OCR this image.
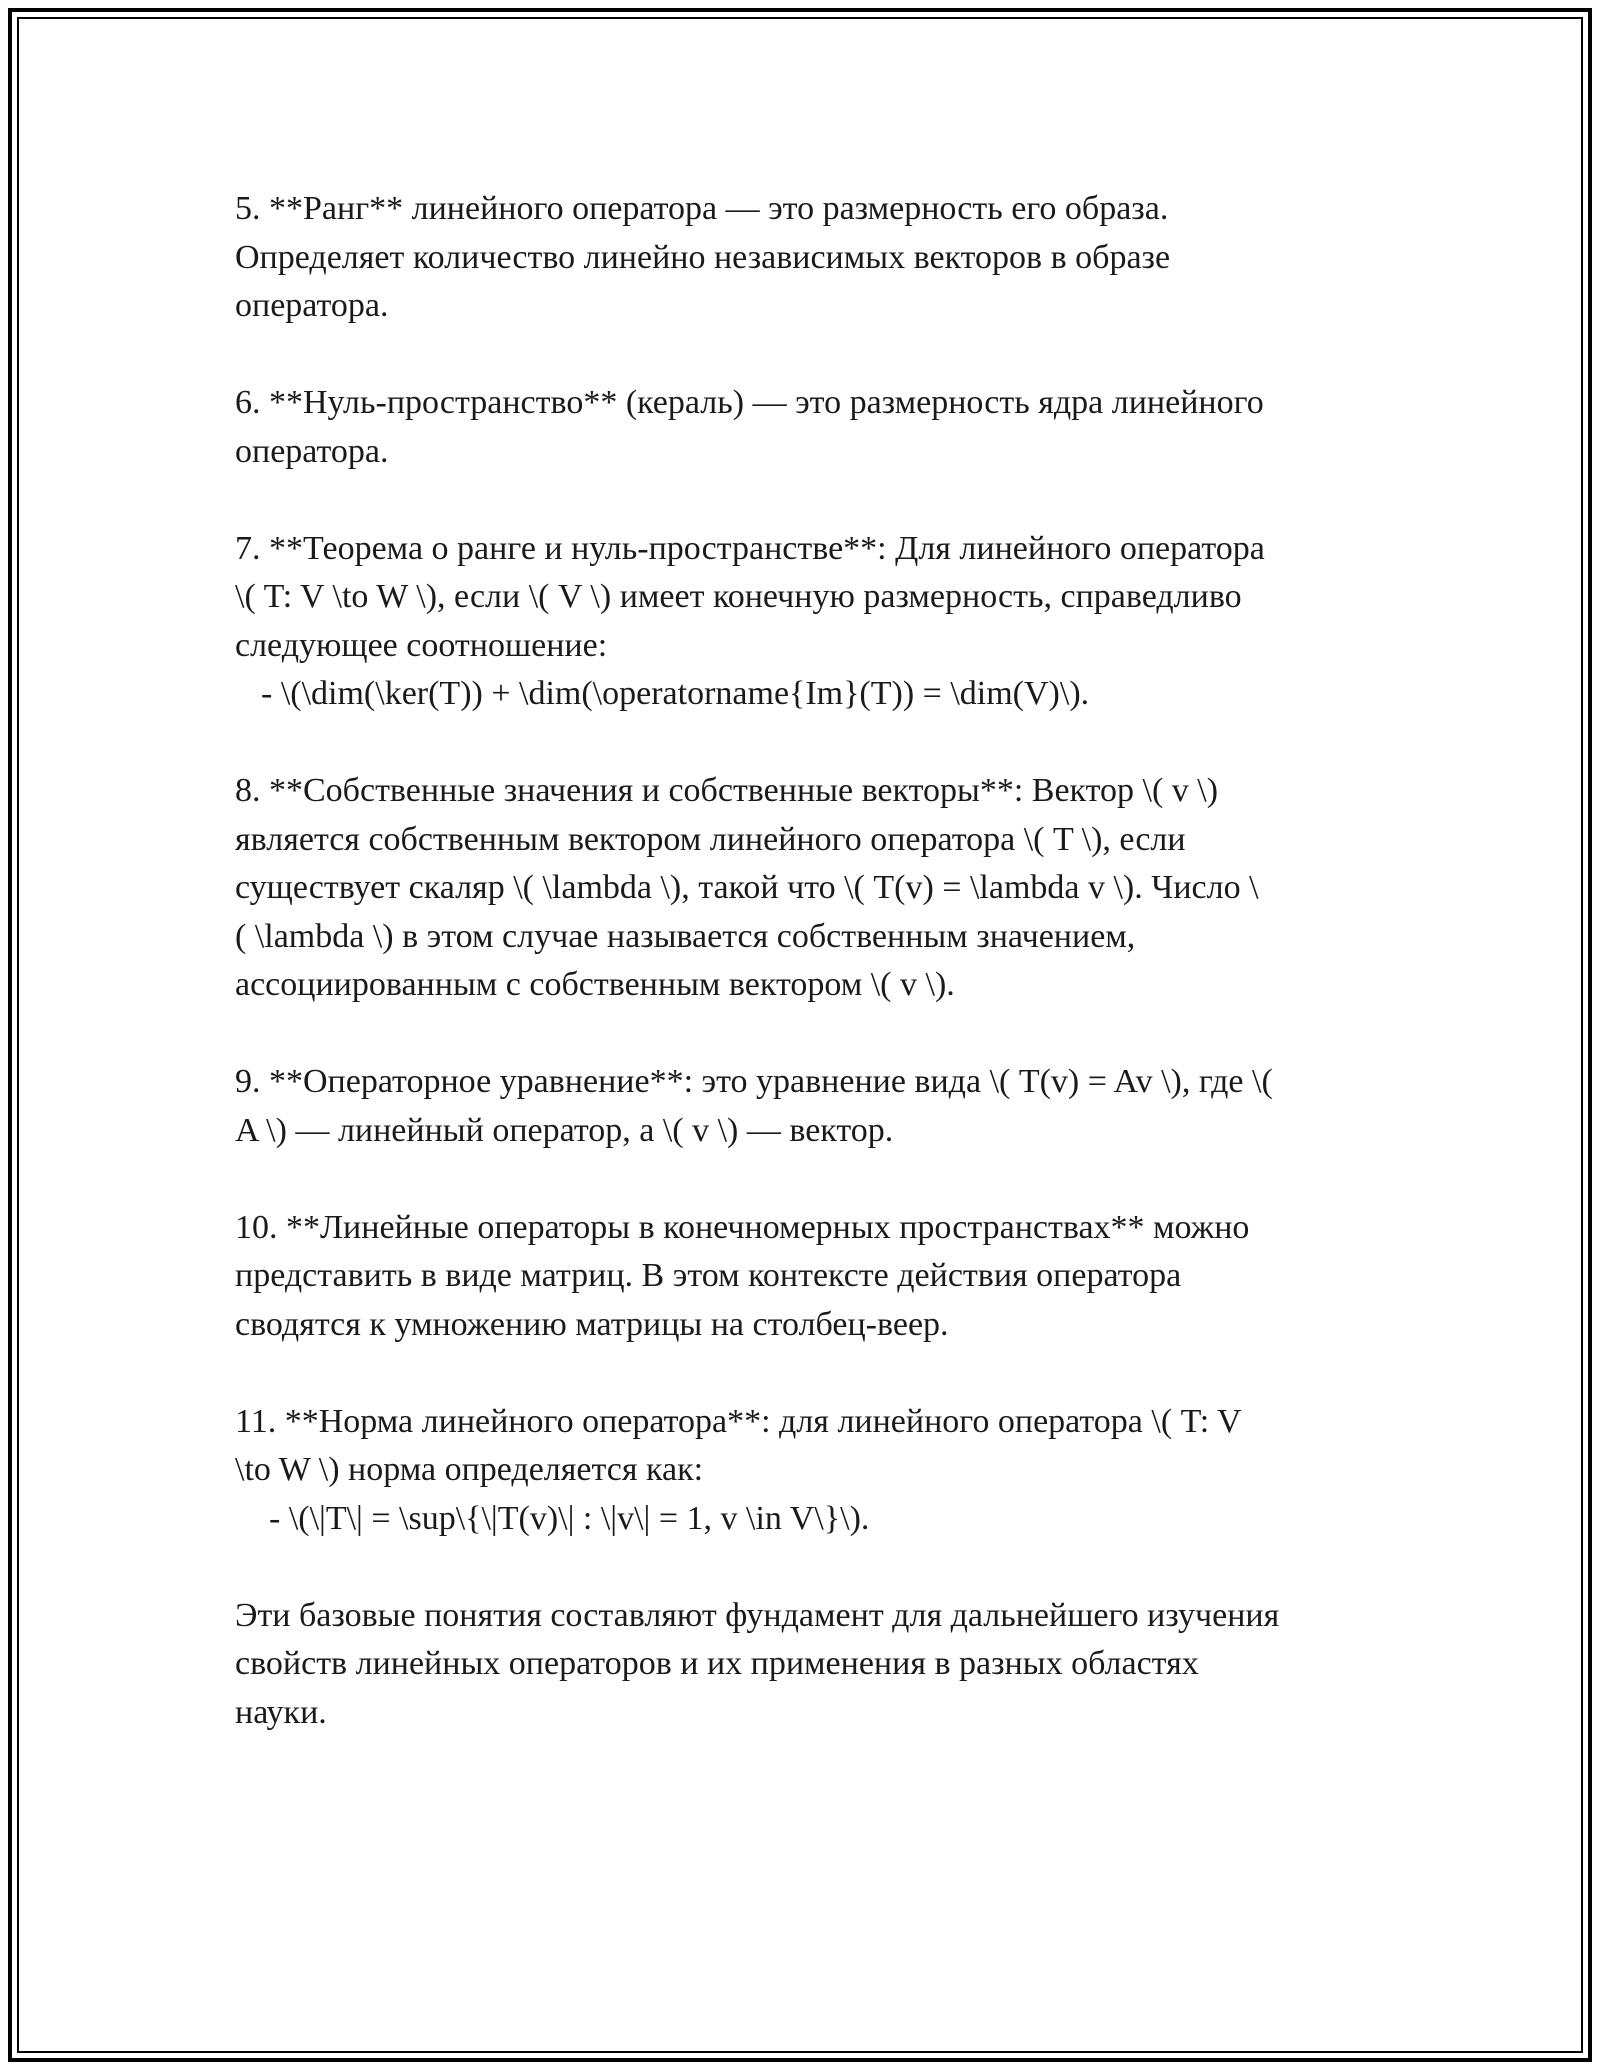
5. **Ранг** линейного оператора — это размерность его образа.
Определяет количество линейно независимых векторов в образе
оператора.
6. **Нуль-пространство** (кераль) — это размерность ядра линейного
оператора.
7. **Теорема о ранге и нуль-пространстве**: Для линейного оператора
\( T: V \to W \), если \( V \) имеет конечную размерность, справедливо
следующее соотношение:
- \(\dim(\ker(T)) + \dim(\operatorname{Im}(T)) = \dim(V)\).
8. **Собственные значения и собственные векторы**: Вектор \( v \)
является собственным вектором линейного оператора \( T \), если
существует скаляр \( \lambda \), такой что \( T(v) = \lambda v \). Число \
( \lambda \) в этом случае называется собственным значением,
ассоциированным с собственным вектором \( v \).
9. **Операторное уравнение**: это уравнение вида \( T(v) = Av \), где \(
A \) — линейный оператор, а \( v \) — вектор.
10. **Линейные операторы в конечномерных пространствах** можно
представить в виде матриц. В этом контексте действия оператора
сводятся к умножению матрицы на столбец-веер.
11. **Норма линейного оператора**: для линейного оператора \( T: V
\to W \) норма определяется как:
- \(\|T\| = \sup\{\|T(v)\| : \|v\| = 1, v \in V\}\).
Эти базовые понятия составляют фундамент для дальнейшего изучения
свойств линейных операторов и их применения в разных областях
науки.
